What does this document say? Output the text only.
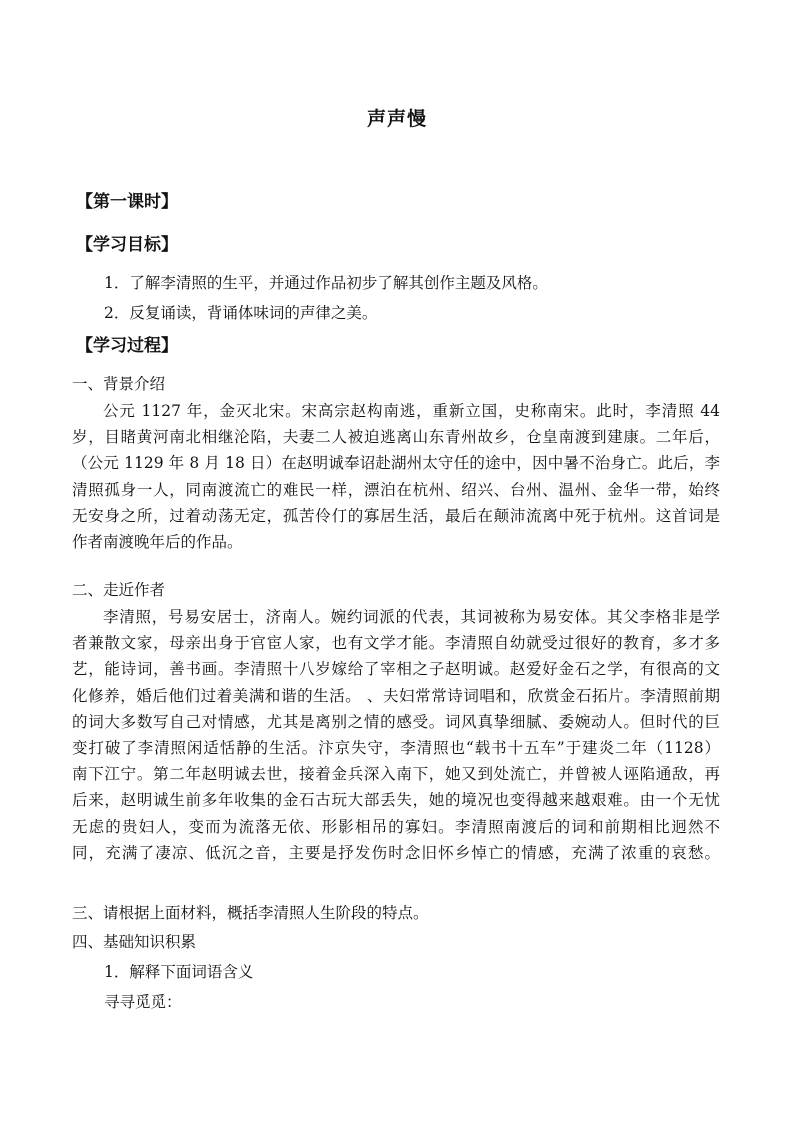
声声慢
【第一课时】
【学习目标】
1．了解李清照的生平，并通过作品初步了解其创作主题及风格。
2．反复诵读，背诵体味词的声律之美。
【学习过程】
一、背景介绍
公元 1127 年，金灭北宋。宋高宗赵构南逃，重新立国，史称南宋。此时，李清照 44
岁，目睹黄河南北相继沦陷，夫妻二人被迫逃离山东青州故乡，仓皇南渡到建康。二年后，
（公元 1129 年 8 月 18 日）在赵明诚奉诏赴湖州太守任的途中，因中暑不治身亡。此后，李
清照孤身一人，同南渡流亡的难民一样，漂泊在杭州、绍兴、台州、温州、金华一带，始终
无安身之所，过着动荡无定，孤苦伶仃的寡居生活，最后在颠沛流离中死于杭州。这首词是
作者南渡晚年后的作品。
二、走近作者
李清照，号易安居士，济南人。婉约词派的代表，其词被称为易安体。其父李格非是学
者兼散文家，母亲出身于官宦人家，也有文学才能。李清照自幼就受过很好的教育，多才多
艺，能诗词，善书画。李清照十八岁嫁给了宰相之子赵明诚。赵爱好金石之学，有很高的文
化修养，婚后他们过着美满和谐的生活。 、夫妇常常诗词唱和，欣赏金石拓片。李清照前期
的词大多数写自己对情感，尤其是离别之情的感受。词风真挚细腻、委婉动人。但时代的巨
变打破了李清照闲适恬静的生活。汴京失守，李清照也“载书十五车”于建炎二年（1128）
南下江宁。第二年赵明诚去世，接着金兵深入南下，她又到处流亡，并曾被人诬陷通敌，再
后来，赵明诚生前多年收集的金石古玩大部丢失，她的境况也变得越来越艰难。由一个无忧
无虑的贵妇人，变而为流落无依、形影相吊的寡妇。李清照南渡后的词和前期相比迥然不
同，充满了凄凉、低沉之音，主要是抒发伤时念旧怀乡悼亡的情感，充满了浓重的哀愁。
三、请根据上面材料，概括李清照人生阶段的特点。
四、基础知识积累
1．解释下面词语含义
寻寻觅觅：
